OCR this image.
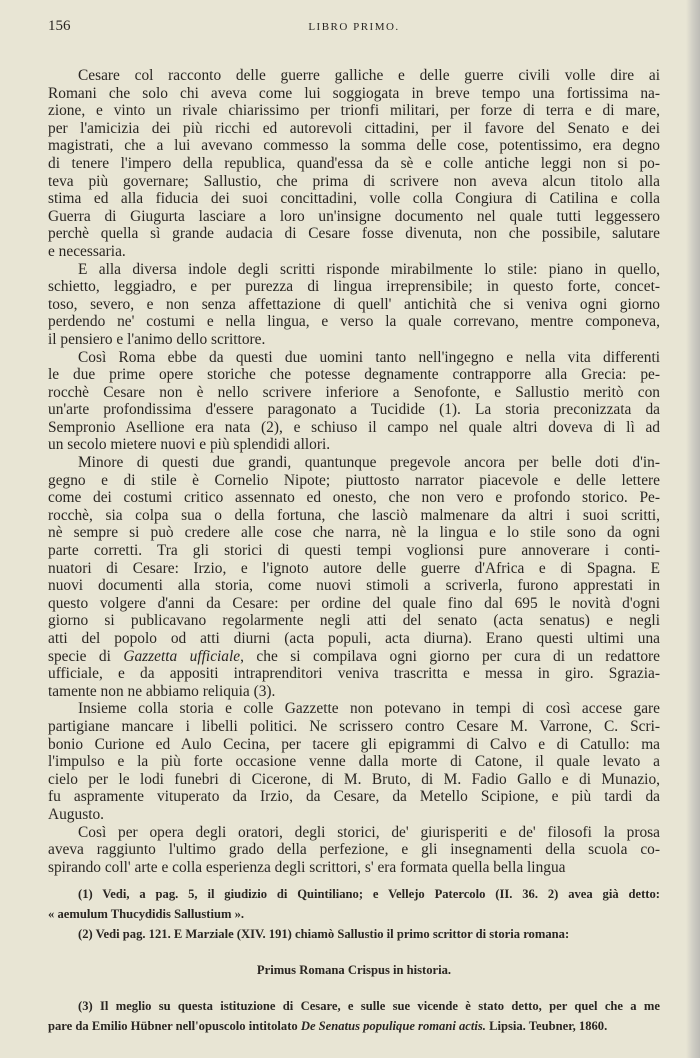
156	LIBRO PRIMO.
Cesare col racconto delle guerre galliche e delle guerre civili volle dire ai
Romani che solo chi aveva come lui soggiogata in breve tempo una fortissima na-
zione, e vinto un rivale chiarissimo per trionfi militari, per forze di terra e di mare,
per l'amicizia dei più ricchi ed autorevoli cittadini, per il favore del Senato e dei
magistrati, che a lui avevano commesso la somma delle cose, potentissimo, era degno
di tenere l'impero della republica, quand'essa da sè e colle antiche leggi non si po-
teva più governare; Sallustio, che prima di scrivere non aveva alcun titolo alla
stima ed alla fiducia dei suoi concittadini, volle colla Congiura di Catilina e colla
Guerra di Giugurta lasciare a loro un'insigne documento nel quale tutti leggessero
perchè quella sì grande audacia di Cesare fosse divenuta, non che possibile, salutare
e necessaria.
E alla diversa indole degli scritti risponde mirabilmente lo stile: piano in quello,
schietto, leggiadro, e per purezza di lingua irreprensibile; in questo forte, concet-
toso, severo, e non senza affettazione di quell' antichità che si veniva ogni giorno
perdendo ne' costumi e nella lingua, e verso la quale correvano, mentre componeva,
il pensiero e l'animo dello scrittore.
Così Roma ebbe da questi due uomini tanto nell'ingegno e nella vita differenti
le due prime opere storiche che potesse degnamente contrapporre alla Grecia: pe-
rocchè Cesare non è nello scrivere inferiore a Senofonte, e Sallustio meritò con
un'arte profondissima d'essere paragonato a Tucidide (1). La storia preconizzata da
Sempronio Asellione era nata (2), e schiuso il campo nel quale altri doveva di lì ad
un secolo mietere nuovi e più splendidi allori.
Minore di questi due grandi, quantunque pregevole ancora per belle doti d'in-
gegno e di stile è Cornelio Nipote; piuttosto narrator piacevole e delle lettere
come dei costumi critico assennato ed onesto, che non vero e profondo storico. Pe-
rocchè, sia colpa sua o della fortuna, che lasciò malmenare da altri i suoi scritti,
nè sempre si può credere alle cose che narra, nè la lingua e lo stile sono da ogni
parte corretti. Tra gli storici di questi tempi voglionsi pure annoverare i conti-
nuatori di Cesare: Irzio, e l'ignoto autore delle guerre d'Africa e di Spagna. E
nuovi documenti alla storia, come nuovi stimoli a scriverla, furono apprestati in
questo volgere d'anni da Cesare: per ordine del quale fino dal 695 le novità d'ogni
giorno si publicavano regolarmente negli atti del senato (acta senatus) e negli
atti del popolo od atti diurni (acta populi, acta diurna). Erano questi ultimi una
specie di Gazzetta ufficiale, che si compilava ogni giorno per cura di un redattore
ufficiale, e da appositi intraprenditori veniva trascritta e messa in giro. Sgrazia-
tamente non ne abbiamo reliquia (3).
Insieme colla storia e colle Gazzette non potevano in tempi di così accese gare
partigiane mancare i libelli politici. Ne scrissero contro Cesare M. Varrone, C. Scri-
bonio Curione ed Aulo Cecina, per tacere gli epigrammi di Calvo e di Catullo: ma
l'impulso e la più forte occasione venne dalla morte di Catone, il quale levato a
cielo per le lodi funebri di Cicerone, di M. Bruto, di M. Fadio Gallo e di Munazio,
fu aspramente vituperato da Irzio, da Cesare, da Metello Scipione, e più tardi da
Augusto.
Così per opera degli oratori, degli storici, de' giurisperiti e de' filosofi la prosa
aveva raggiunto l'ultimo grado della perfezione, e gli insegnamenti della scuola co-
spirando coll' arte e colla esperienza degli scrittori, s' era formata quella bella lingua
(1) Vedi, a pag. 5, il giudizio di Quintiliano; e Vellejo Patercolo (II. 36. 2) avea già detto:
« aemulum Thucydidis Sallustium ».
(2) Vedi pag. 121. E Marziale (XIV. 191) chiamò Sallustio il primo scrittor di storia romana:
Primus Romana Crispus in historia.
(3) Il meglio su questa istituzione di Cesare, e sulle sue vicende è stato detto, per quel che a me
pare da Emilio Hübner nell'opuscolo intitolato De Senatus populique romani actis. Lipsia. Teubner, 1860.
